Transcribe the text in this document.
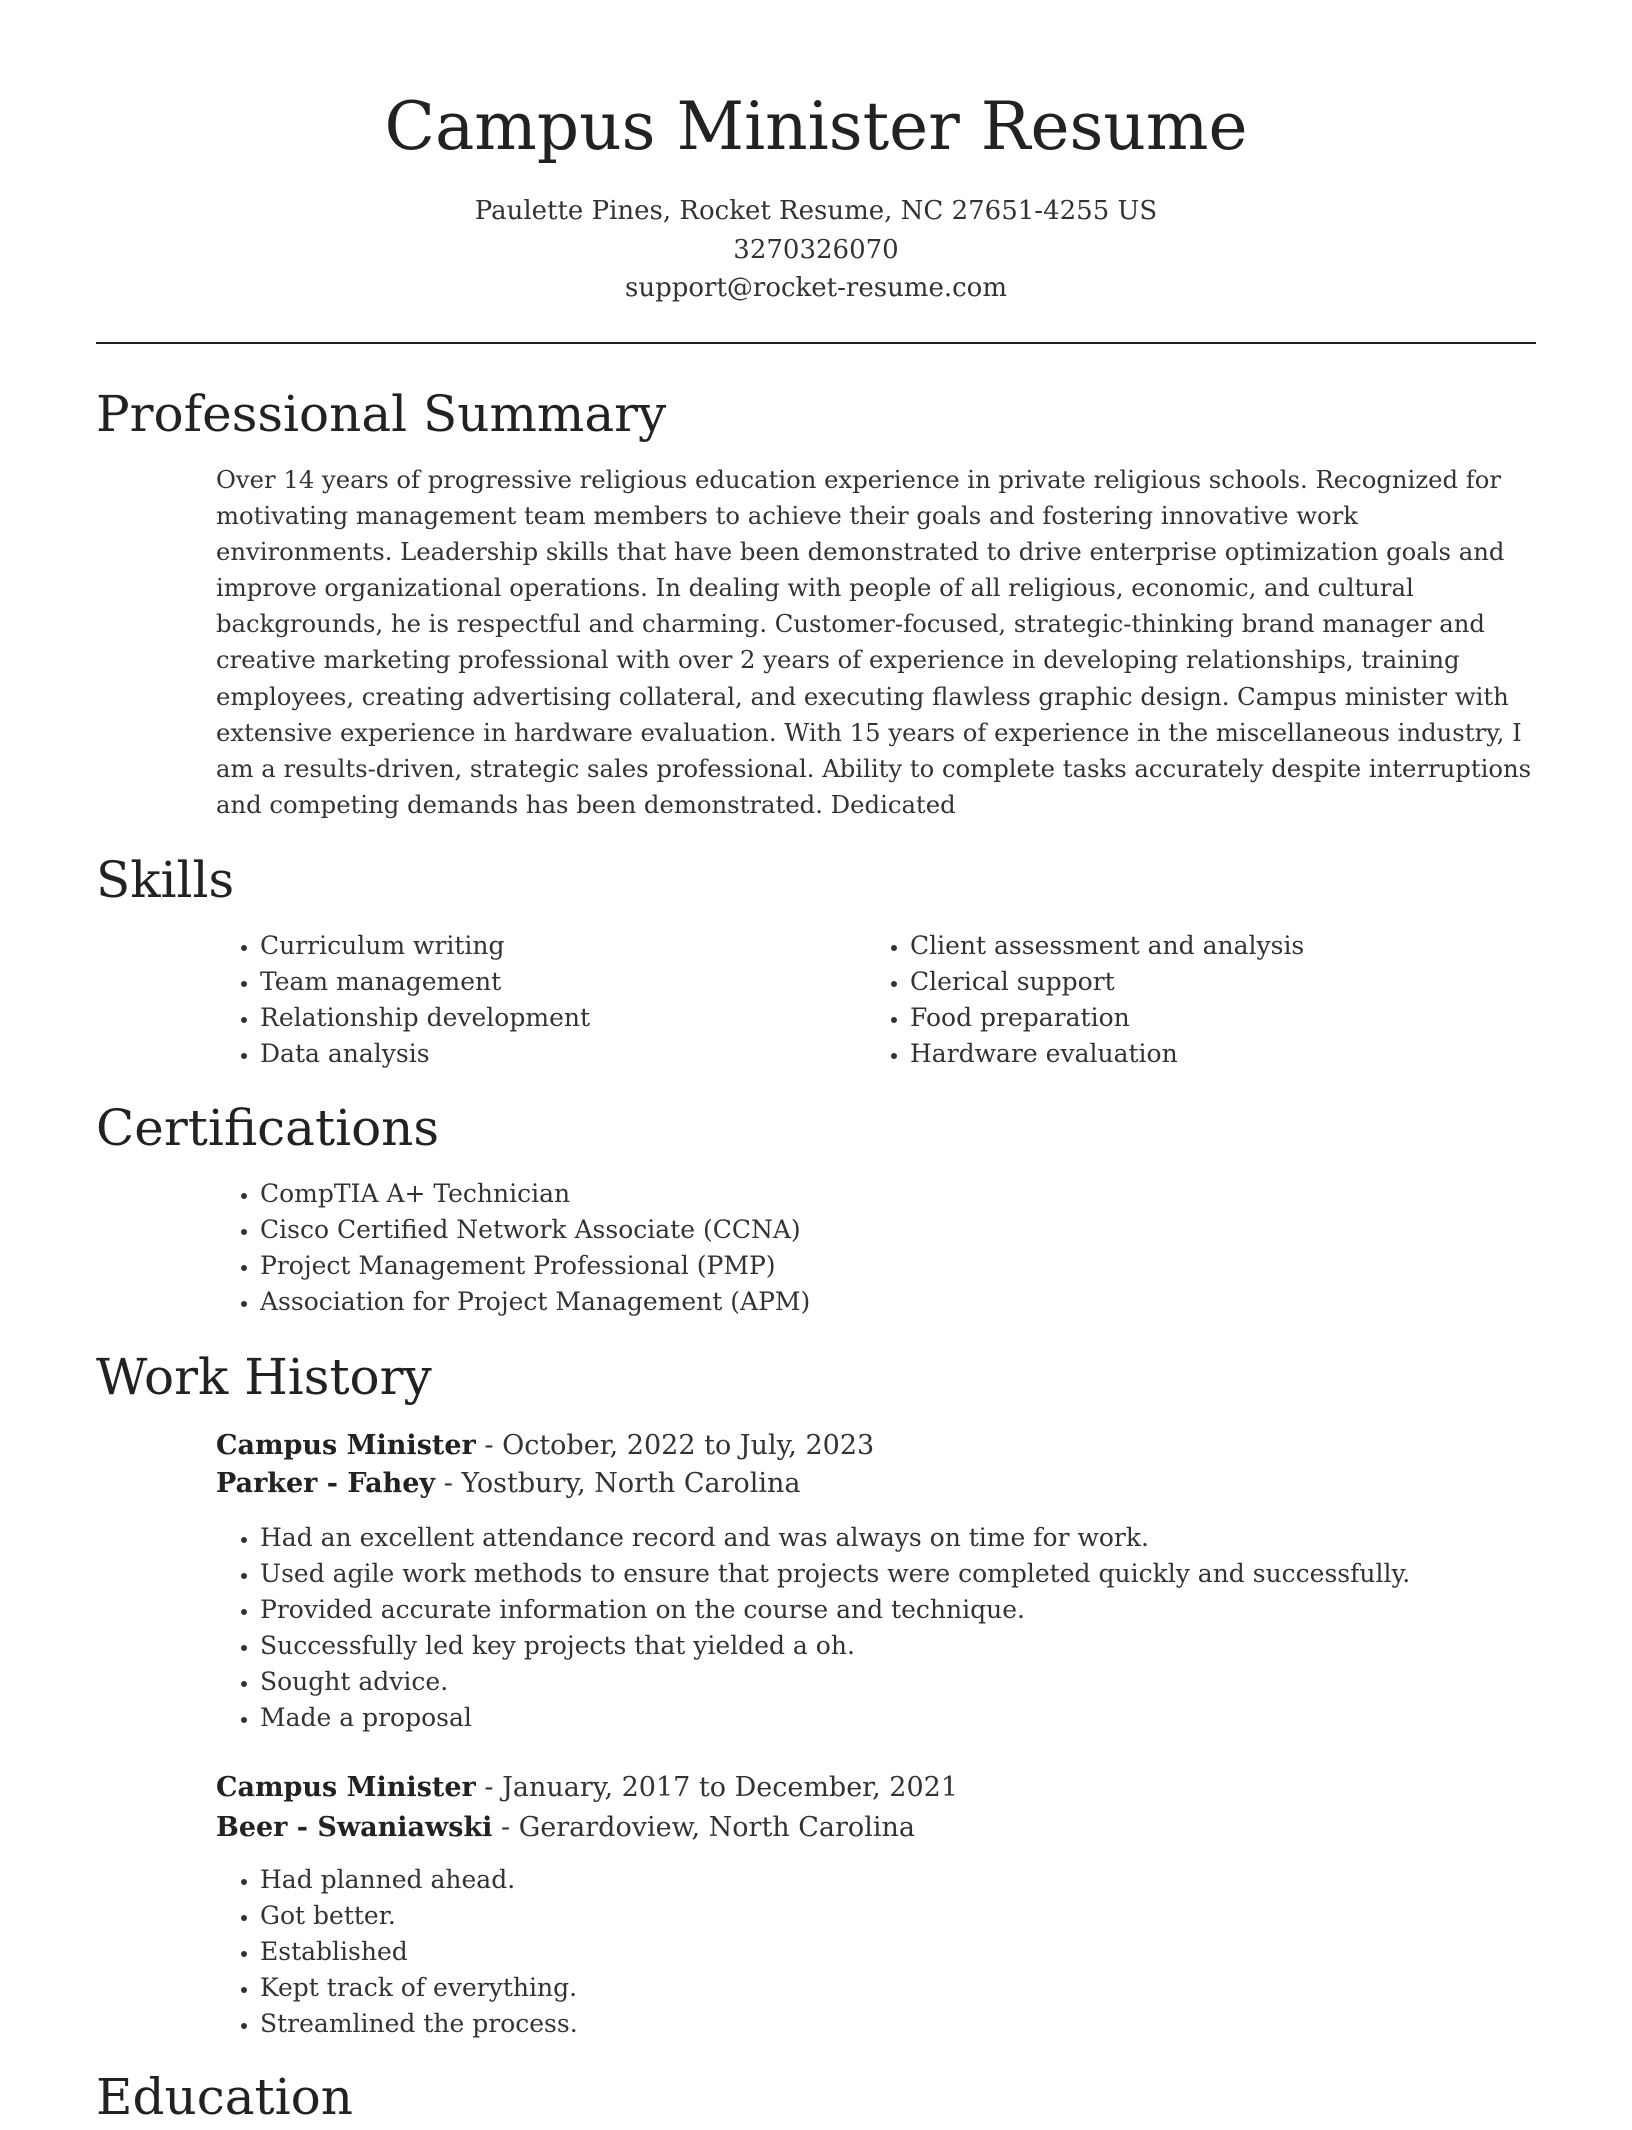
Campus Minister Resume
Paulette Pines, Rocket Resume, NC 27651-4255 US
3270326070
support@rocket-resume.com
Professional Summary

Over 14 years of progressive religious education experience in private religious schools. Recognized for motivating management team members to achieve their goals and fostering innovative work environments. Leadership skills that have been demonstrated to drive enterprise optimization goals and improve organizational operations. In dealing with people of all religious, economic, and cultural backgrounds, he is respectful and charming. Customer-focused, strategic-thinking brand manager and creative marketing professional with over 2 years of experience in developing relationships, training employees, creating advertising collateral, and executing flawless graphic design. Campus minister with extensive experience in hardware evaluation. With 15 years of experience in the miscellaneous industry, I am a results-driven, strategic sales professional. Ability to complete tasks accurately despite interruptions and competing demands has been demonstrated. Dedicated

Skills
• Curriculum writing
• Team management
• Relationship development
• Data analysis
• Client assessment and analysis
• Clerical support
• Food preparation
• Hardware evaluation
Certifications
• CompTIA A+ Technician
• Cisco Certified Network Associate (CCNA)
• Project Management Professional (PMP)
• Association for Project Management (APM)
Work History
Campus Minister - October, 2022 to July, 2023
Parker - Fahey - Yostbury, North Carolina
• Had an excellent attendance record and was always on time for work.
• Used agile work methods to ensure that projects were completed quickly and successfully.
• Provided accurate information on the course and technique.
• Successfully led key projects that yielded a oh.
• Sought advice.
• Made a proposal
Campus Minister - January, 2017 to December, 2021
Beer - Swaniawski - Gerardoview, North Carolina
• Had planned ahead.
• Got better.
• Established
• Kept track of everything.
• Streamlined the process.
Education
